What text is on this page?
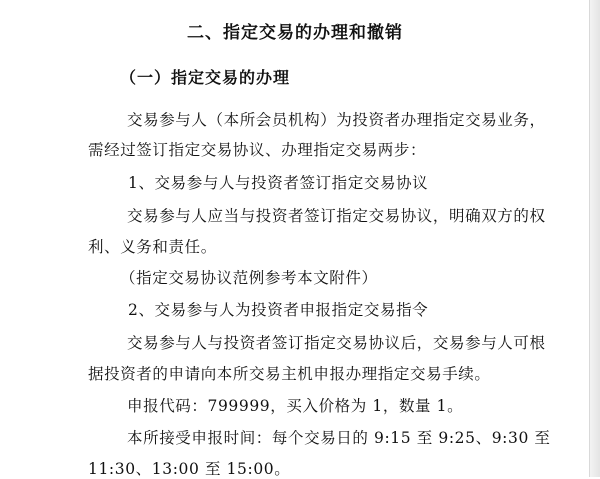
二、指定交易的办理和撤销
（一）指定交易的办理
交易参与人（本所会员机构）为投资者办理指定交易业务，
需经过签订指定交易协议、办理指定交易两步：
1、交易参与人与投资者签订指定交易协议
交易参与人应当与投资者签订指定交易协议，明确双方的权
利、义务和责任。
（指定交易协议范例参考本文附件）
2、交易参与人为投资者申报指定交易指令
交易参与人与投资者签订指定交易协议后，交易参与人可根
据投资者的申请向本所交易主机申报办理指定交易手续。
申报代码：799999，买入价格为 1，数量 1。
本所接受申报时间：每个交易日的 9:15 至 9:25、9:30 至
11:30、13:00 至 15:00。
